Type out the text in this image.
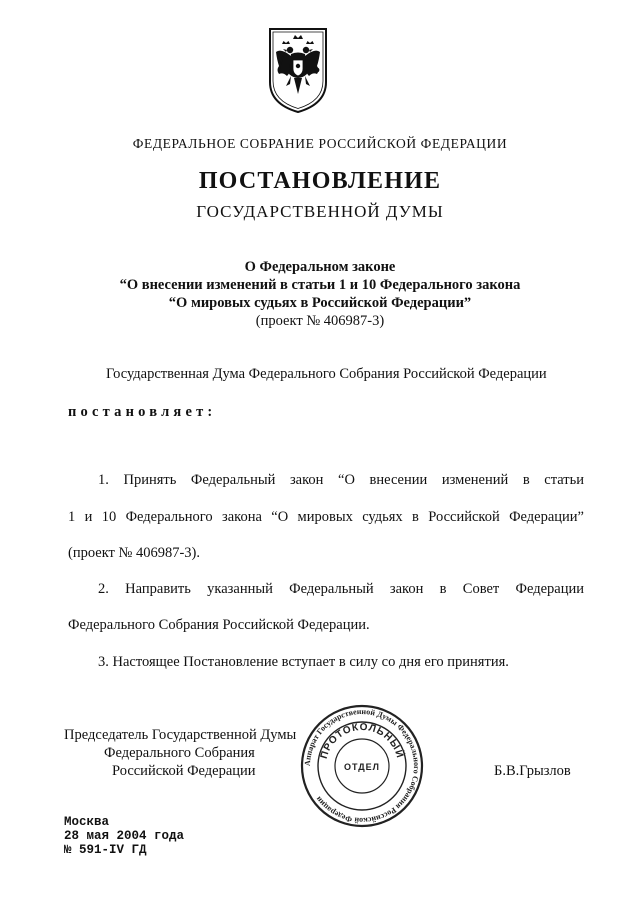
ФЕДЕРАЛЬНОЕ СОБРАНИЕ РОССИЙСКОЙ ФЕДЕРАЦИИ
ПОСТАНОВЛЕНИЕ
ГОСУДАРСТВЕННОЙ ДУМЫ
О Федеральном законе
“О внесении изменений в статьи 1 и 10 Федерального закона
“О мировых судьях в Российской Федерации”
(проект № 406987-3)
Государственная Дума Федерального Собрания Российской Федерации
постановляет:
1. Принять Федеральный закон “О внесении изменений в статьи
1 и 10 Федерального закона “О мировых судьях в Российской Федерации”
(проект № 406987-3).
2. Направить указанный Федеральный закон в Совет Федерации
Федерального Собрания Российской Федерации.
3. Настоящее Постановление вступает в силу со дня его принятия.
Председатель Государственной Думы
Федерального Собрания
Российской Федерации	Б.В.Грызлов
Аппарат Государственной Думы Федерального Собрания Российской Федерации
ПРОТОКОЛЬНЫЙ
ОТДЕЛ
Москва
28 мая 2004 года
№ 591-IV ГД
